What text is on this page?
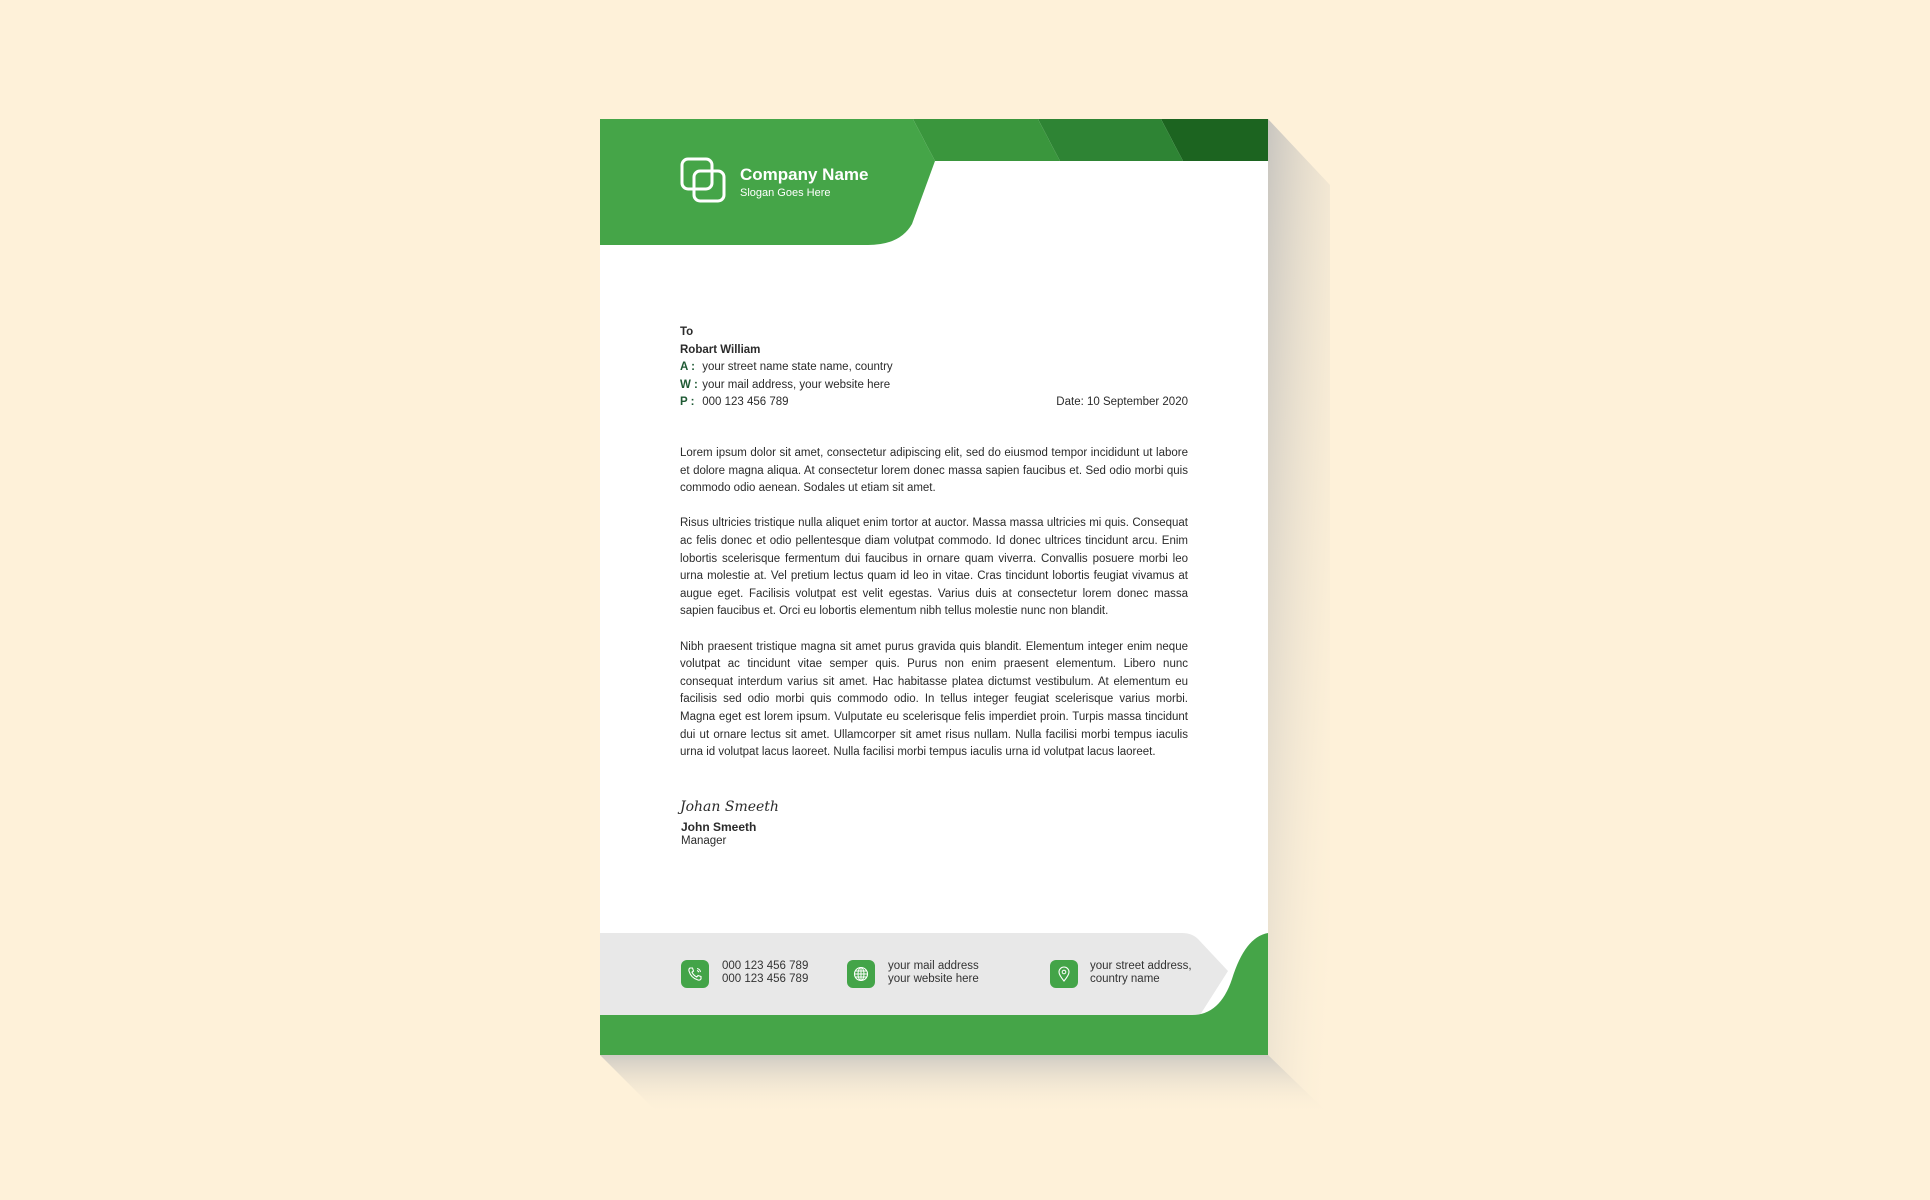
Company Name
Slogan Goes Here
To
Robart William
A : your street name state name, country
W : your mail address, your website here
P : 000 123 456 789	Date: 10 September 2020

Lorem ipsum dolor sit amet, consectetur adipiscing elit, sed do eiusmod tempor incididunt ut labore et dolore magna aliqua. At consectetur lorem donec massa sapien faucibus et. Sed odio morbi quis commodo odio aenean. Sodales ut etiam sit amet.

Risus ultricies tristique nulla aliquet enim tortor at auctor. Massa massa ultricies mi quis. Consequat ac felis donec et odio pellentesque diam volutpat commodo. Id donec ultrices tincidunt arcu. Enim lobortis scelerisque fermentum dui faucibus in ornare quam viverra. Convallis posuere morbi leo urna molestie at. Vel pretium lectus quam id leo in vitae. Cras tincidunt lobortis feugiat vivamus at augue eget. Facilisis volutpat est velit egestas. Varius duis at consectetur lorem donec massa sapien faucibus et. Orci eu lobortis elementum nibh tellus molestie nunc non blandit.

Nibh praesent tristique magna sit amet purus gravida quis blandit. Elementum integer enim neque volutpat ac tincidunt vitae semper quis. Purus non enim praesent elementum. Libero nunc consequat interdum varius sit amet. Hac habitasse platea dictumst vestibulum. At elementum eu facilisis sed odio morbi quis commodo odio. In tellus integer feugiat scelerisque varius morbi. Magna eget est lorem ipsum. Vulputate eu scelerisque felis imperdiet proin. Turpis massa tincidunt dui ut ornare lectus sit amet. Ullamcorper sit amet risus nullam. Nulla facilisi morbi tempus iaculis urna id volutpat lacus laoreet. Nulla facilisi morbi tempus iaculis urna id volutpat lacus laoreet.

Johan Smeeth
John Smeeth
Manager
000 123 456 789
000 123 456 789
your mail address
your website here
your street address,
country name
